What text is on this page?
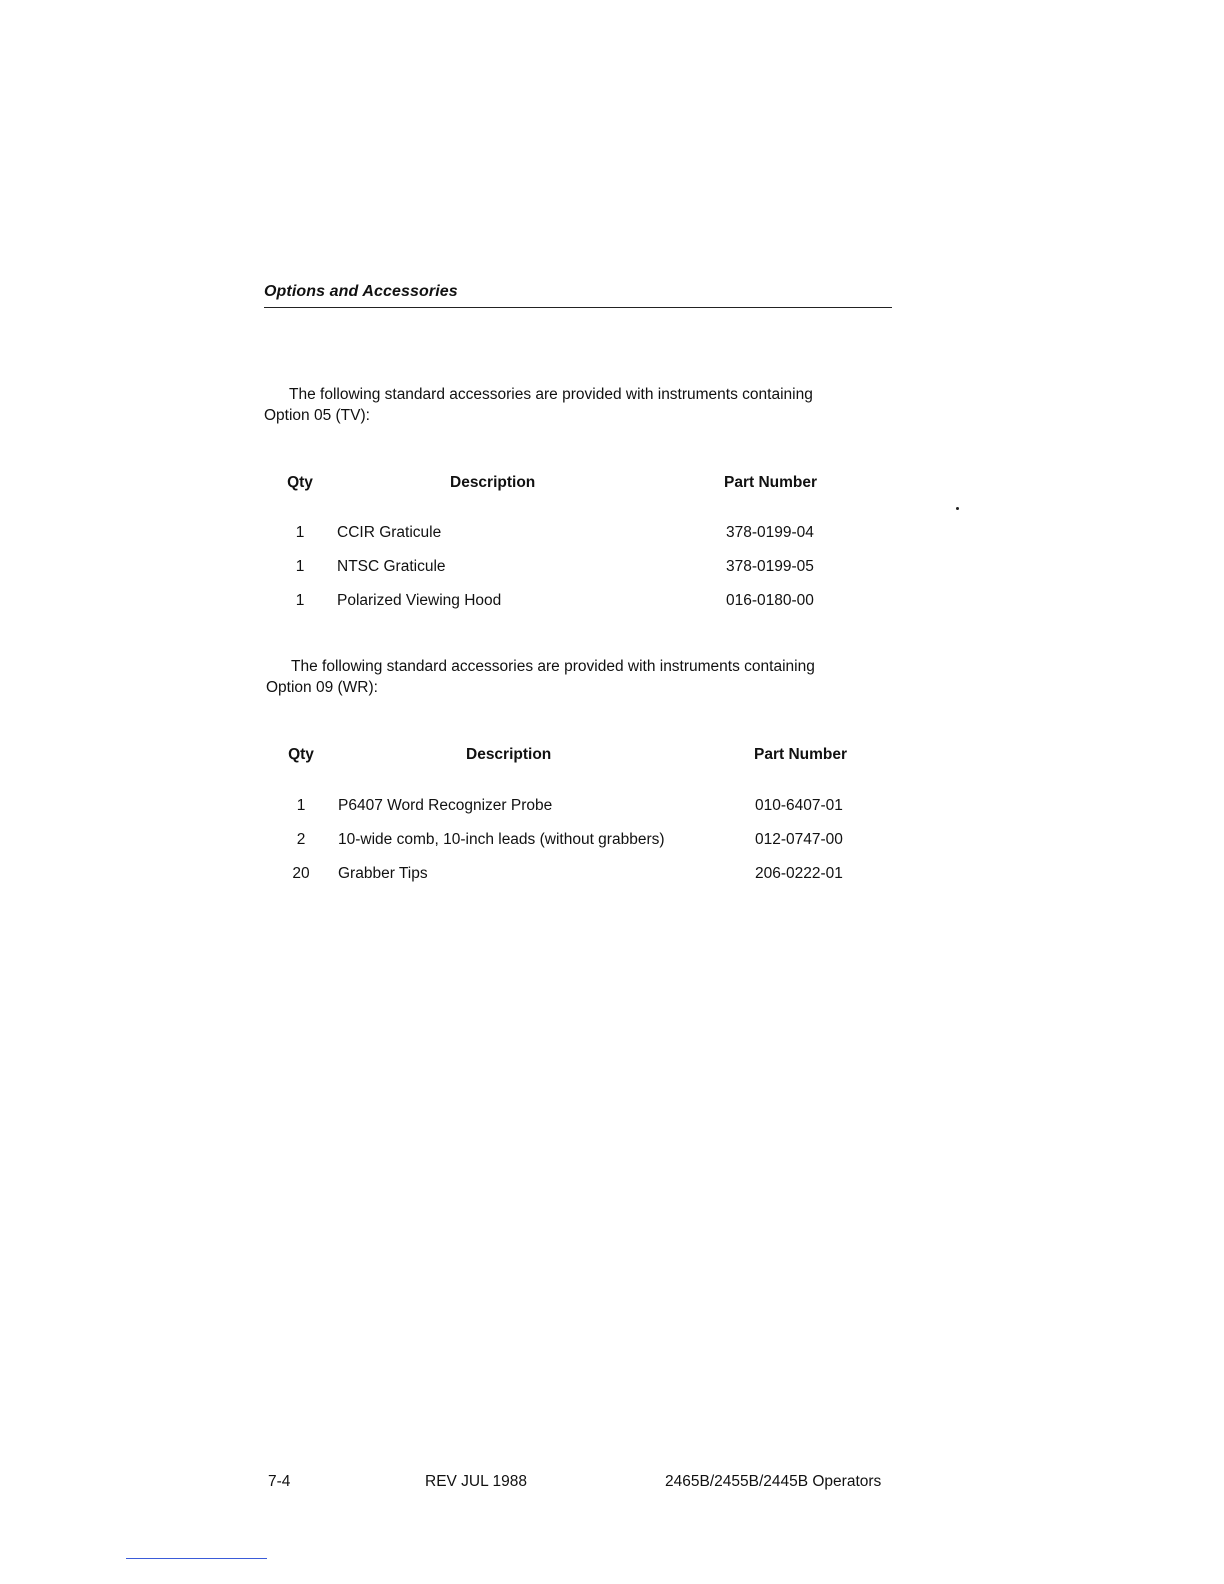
Options and Accessories

The following standard accessories are provided with instruments containing
Option 05 (TV):

Qty	Description	Part Number
1	CCIR Graticule	378-0199-04
1	NTSC Graticule	378-0199-05
1	Polarized Viewing Hood	016-0180-00

The following standard accessories are provided with instruments containing
Option 09 (WR):

Qty	Description	Part Number
1	P6407 Word Recognizer Probe	010-6407-01
2	10-wide comb, 10-inch leads (without grabbers)	012-0747-00
20	Grabber Tips	206-0222-01
7-4	REV JUL 1988	2465B/2455B/2445B Operators
